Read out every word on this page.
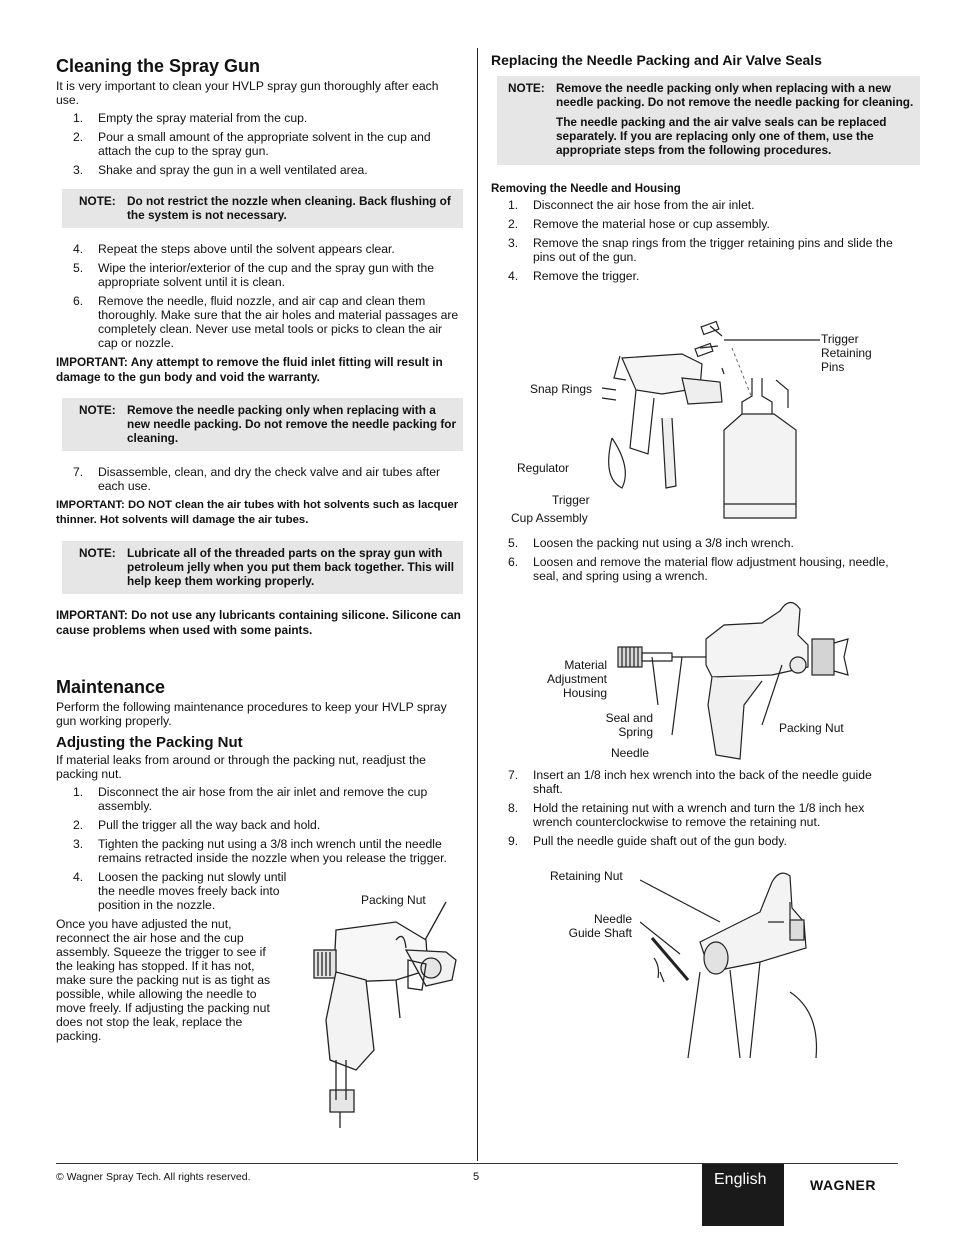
Cleaning the Spray Gun

It is very important to clean your HVLP spray gun thoroughly after each use.

1. Empty the spray material from the cup.
2. Pour a small amount of the appropriate solvent in the cup and attach the cup to the spray gun.
3. Shake and spray the gun in a well ventilated area.
NOTE: Do not restrict the nozzle when cleaning. Back flushing of the system is not necessary.

4. Repeat the steps above until the solvent appears clear.
5. Wipe the interior/exterior of the cup and the spray gun with the appropriate solvent until it is clean.
6. Remove the needle, fluid nozzle, and air cap and clean them thoroughly. Make sure that the air holes and material passages are completely clean. Never use metal tools or picks to clean the air cap or nozzle.

IMPORTANT: Any attempt to remove the fluid inlet fitting will result in damage to the gun body and void the warranty.

NOTE: Remove the needle packing only when replacing with a new needle packing. Do not remove the needle packing for cleaning.

7. Disassemble, clean, and dry the check valve and air tubes after each use.

IMPORTANT: DO NOT clean the air tubes with hot solvents such as lacquer thinner. Hot solvents will damage the air tubes.

NOTE: Lubricate all of the threaded parts on the spray gun with petroleum jelly when you put them back together. This will help keep them working properly.

IMPORTANT: Do not use any lubricants containing silicone. Silicone can cause problems when used with some paints.

Maintenance

Perform the following maintenance procedures to keep your HVLP spray gun working properly.

Adjusting the Packing Nut

If material leaks from around or through the packing nut, readjust the packing nut.

1. Disconnect the air hose from the air inlet and remove the cup assembly.
2. Pull the trigger all the way back and hold.
3. Tighten the packing nut using a 3/8 inch wrench until the needle remains retracted inside the nozzle when you release the trigger.
4. Loosen the packing nut slowly until the needle moves freely back into position in the nozzle.

Once you have adjusted the nut, reconnect the air hose and the cup assembly. Squeeze the trigger to see if the leaking has stopped. If it has not, make sure the packing nut is as tight as possible, while allowing the needle to move freely. If adjusting the packing nut does not stop the leak, replace the packing.

Packing Nut
Replacing the Needle Packing and Air Valve Seals
NOTE: Remove the needle packing only when replacing with a new needle packing. Do not remove the needle packing for cleaning.

The needle packing and the air valve seals can be replaced separately. If you are replacing only one of them, use the appropriate steps from the following procedures.

Removing the Needle and Housing
1. Disconnect the air hose from the air inlet.
2. Remove the material hose or cup assembly.
3. Remove the snap rings from the trigger retaining pins and slide the pins out of the gun.
4. Remove the trigger.
Trigger
Retaining
Pins
Snap Rings
Regulator
Trigger
Cup Assembly
5. Loosen the packing nut using a 3/8 inch wrench.
6. Loosen and remove the material flow adjustment housing, needle, seal, and spring using a wrench.
Material
Adjustment
Housing
Seal and
Spring
Needle
Packing Nut
7. Insert an 1/8 inch hex wrench into the back of the needle guide shaft.
8. Hold the retaining nut with a wrench and turn the 1/8 inch hex wrench counterclockwise to remove the retaining nut.
9. Pull the needle guide shaft out of the gun body.
Retaining Nut
Needle
Guide Shaft
© Wagner Spray Tech. All rights reserved.	5	English	WAGNER
